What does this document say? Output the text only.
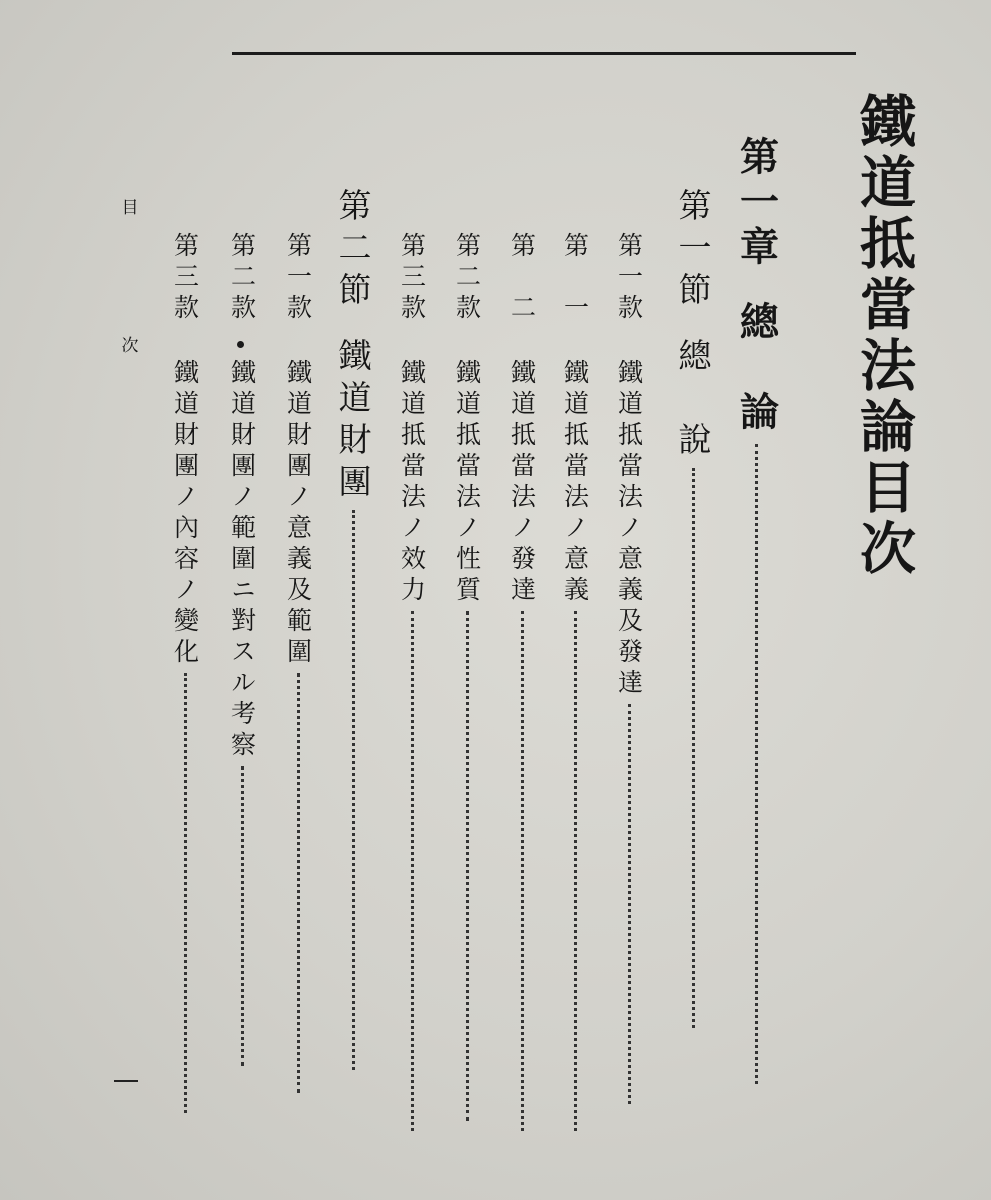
鐵道抵當法論目次
第一章
總　論
第一節
總　說
第一款
鐵道抵當法ノ意義及發達
第　一
鐵道抵當法ノ意義
第　二
鐵道抵當法ノ發達
第二款
鐵道抵當法ノ性質
第三款
鐵道抵當法ノ效力
第二節
鐵道財團
第一款
鐵道財團ノ意義及範圍
第二款
鐵道財團ノ範圍ニ對スル考察
第三款
鐵道財團ノ內容ノ變化
目　次
